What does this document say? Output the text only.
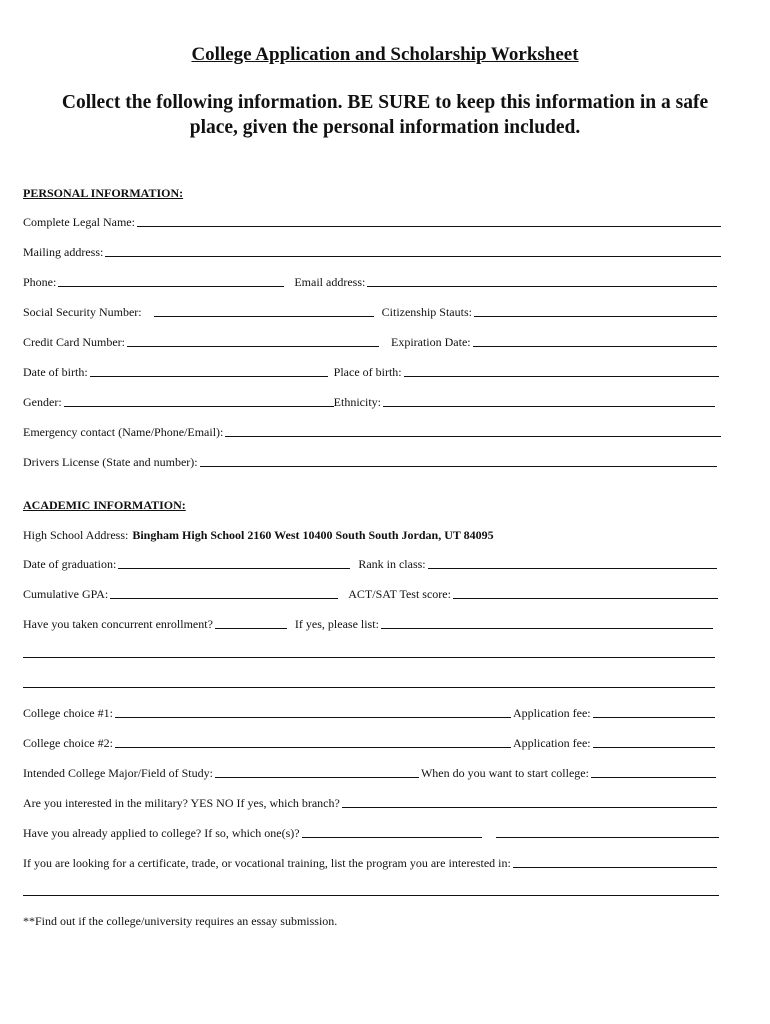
College Application and Scholarship Worksheet
Collect the following information. BE SURE to keep this information in a safe place, given the personal information included.
PERSONAL INFORMATION:
Complete Legal Name:
Mailing address:
Phone:	Email address:
Social Security Number:	Citizenship Stauts:
Credit Card Number:	Expiration Date:
Date of birth:	Place of birth:
Gender:	Ethnicity:
Emergency contact (Name/Phone/Email):
Drivers License (State and number):
ACADEMIC INFORMATION:
High School Address: Bingham High School 2160 West 10400 South South Jordan, UT 84095
Date of graduation:	Rank in class:
Cumulative GPA:	ACT/SAT Test score:
Have you taken concurrent enrollment?	If yes, please list:
College choice #1:	Application fee:
College choice #2:	Application fee:
Intended College Major/Field of Study:	When do you want to start college:
Are you interested in the military? YES NO If yes, which branch?
Have you already applied to college? If so, which one(s)?
If you are looking for a certificate, trade, or vocational training, list the program you are interested in:
**Find out if the college/university requires an essay submission.
